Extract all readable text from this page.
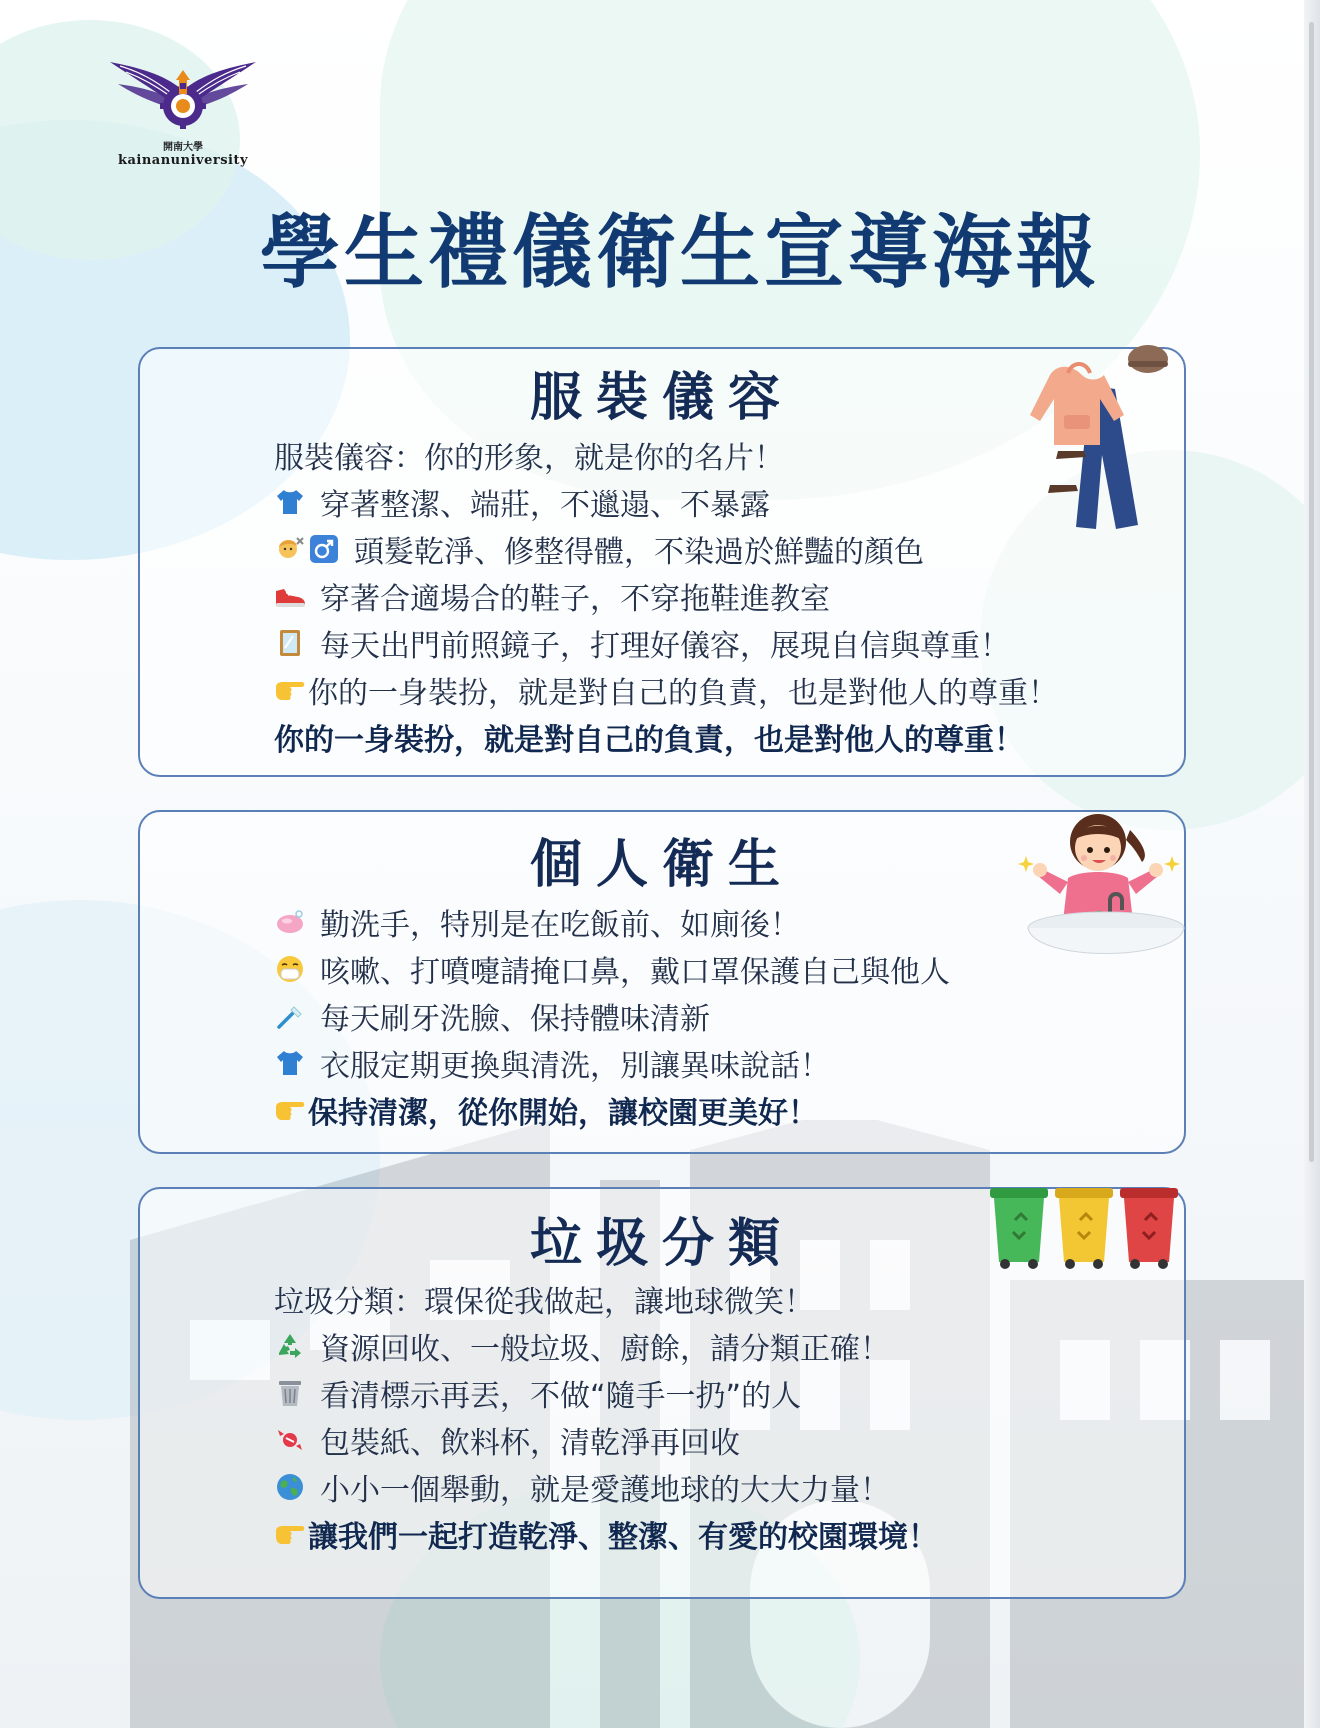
開南大學
kainanuniversity
學生禮儀衛生宣導海報
服裝儀容
服裝儀容：你的形象，就是你的名片！
穿著整潔、端莊，不邋遢、不暴露
頭髮乾淨、修整得體，不染過於鮮豔的顏色
穿著合適場合的鞋子，不穿拖鞋進教室
每天出門前照鏡子，打理好儀容，展現自信與尊重！
你的一身裝扮，就是對自己的負責，也是對他人的尊重！
你的一身裝扮，就是對自己的負責，也是對他人的尊重！
個人衛生
勤洗手，特別是在吃飯前、如廁後！
咳嗽、打噴嚏請掩口鼻，戴口罩保護自己與他人
每天刷牙洗臉、保持體味清新
衣服定期更換與清洗，別讓異味說話！
保持清潔，從你開始，讓校園更美好！
垃圾分類
垃圾分類：環保從我做起，讓地球微笑！
資源回收、一般垃圾、廚餘，請分類正確！
看清標示再丟，不做“隨手一扔”的人
包裝紙、飲料杯，清乾淨再回收
小小一個舉動，就是愛護地球的大大力量！
讓我們一起打造乾淨、整潔、有愛的校園環境！
